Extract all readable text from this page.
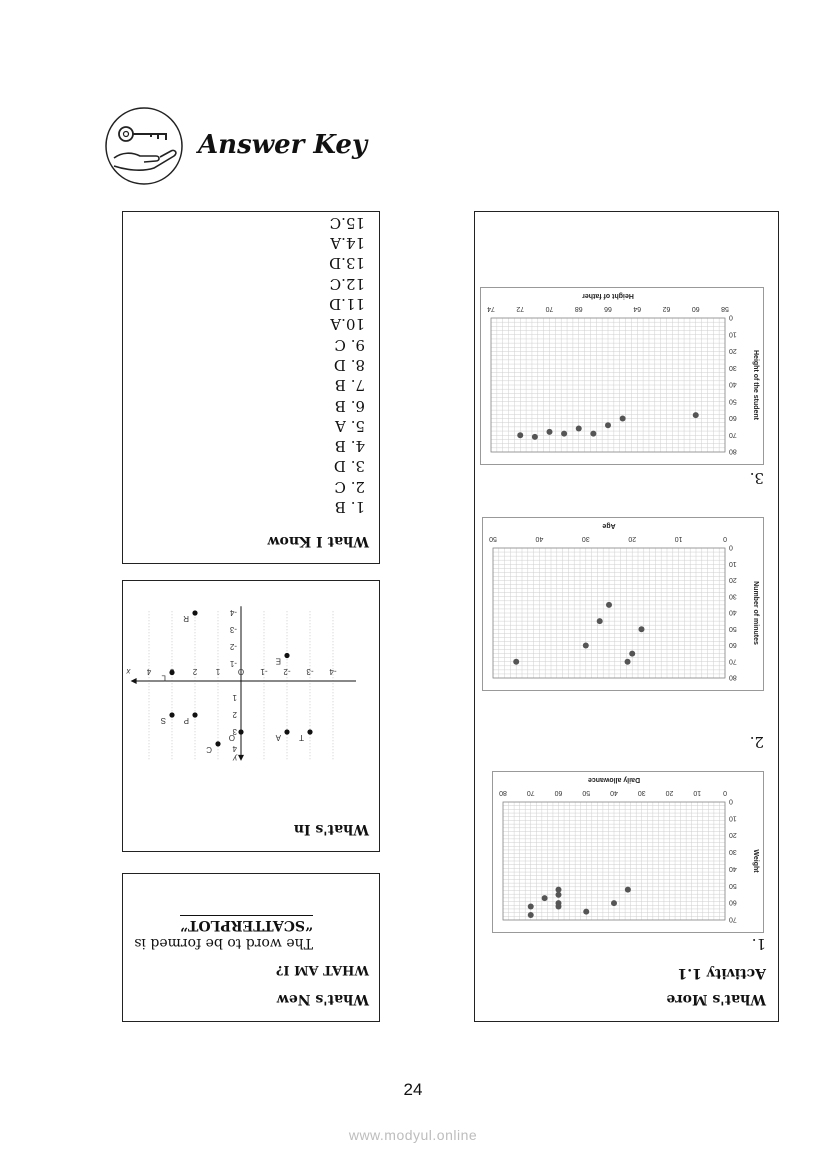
Answer Key
What I Know
1. B
2. C
3. D
4. B
5. A
6. B
7. B
8. D
9. C
10.A
11.D
12.C
13.D
14.A
15.C
What's In
-4
-3
-2
-1
O
1
2
4
x
4
3
2
1
-1
-2
-3
-4
y
R
E
L
S P
O
C
A T
What's New
WHAT AM I?
The word to be formed is
“SCATTERPLOT”
What's More
Activity 1.1
1.
2.
3.
0
10
20
30
40
50
60
70
80
0
10
20
30
40
50
60
70
Daily allowance
Weight
0
10
20
30
40
50
0
10
20
30
40
50
60
70
80
Age
Number of minutes
58
60
62
64
66
68
70
72
74
0
10
20
30
40
50
60
70
80
Height of father
Height of the student
24
www.modyul.online
